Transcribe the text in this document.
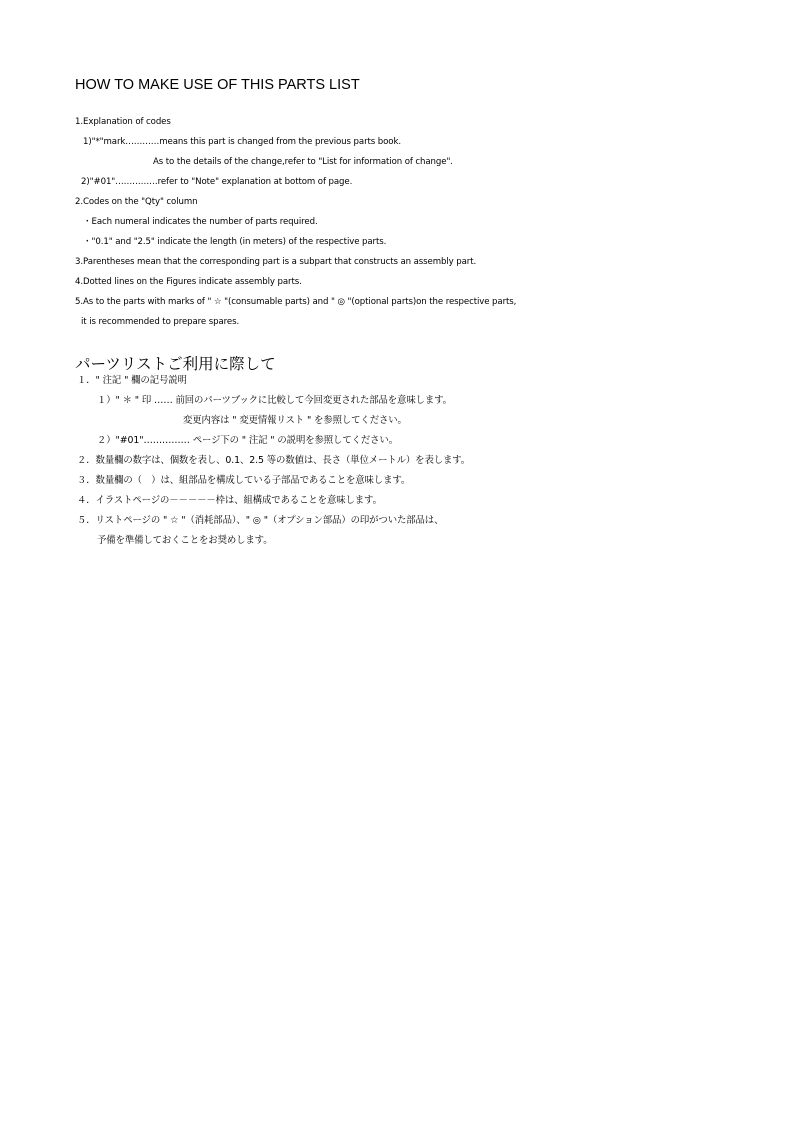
HOW TO MAKE USE OF THIS PARTS LIST
1.Explanation of codes
1)"*"mark…………means this part is changed from the previous parts book.
As to the details of the change,refer to "List for information of change".
2)"#01"……………refer to "Note" explanation at bottom of page.
2.Codes on the "Qty" column
・Each numeral indicates the number of parts required.
・"0.1" and "2.5" indicate the length (in meters) of the respective parts.
3.Parentheses mean that the corresponding part is a subpart that constructs an assembly part.
4.Dotted lines on the Figures indicate assembly parts.
5.As to the parts with marks of " ☆ "(consumable parts) and " ◎ "(optional parts)on the respective parts,
it is recommended to prepare spares.
パーツリストご利用に際して
１．" 注記 " 欄の記号説明
１）" ＊ " 印 …… 前回のパーツブックに比較して今回変更された部品を意味します。
変更内容は " 変更情報リスト " を参照してください。
２）"#01"…………… ページ下の " 注記 " の説明を参照してください。
２．数量欄の数字は、個数を表し、0.1、2.5 等の数値は、長さ（単位メートル）を表します。
３．数量欄の（　）は、組部品を構成している子部品であることを意味します。
４．イラストページの－－－－－枠は、組構成であることを意味します。
５．リストページの " ☆ "（消耗部品）、" ◎ "（オプション部品）の印がついた部品は、
予備を準備しておくことをお奨めします。
